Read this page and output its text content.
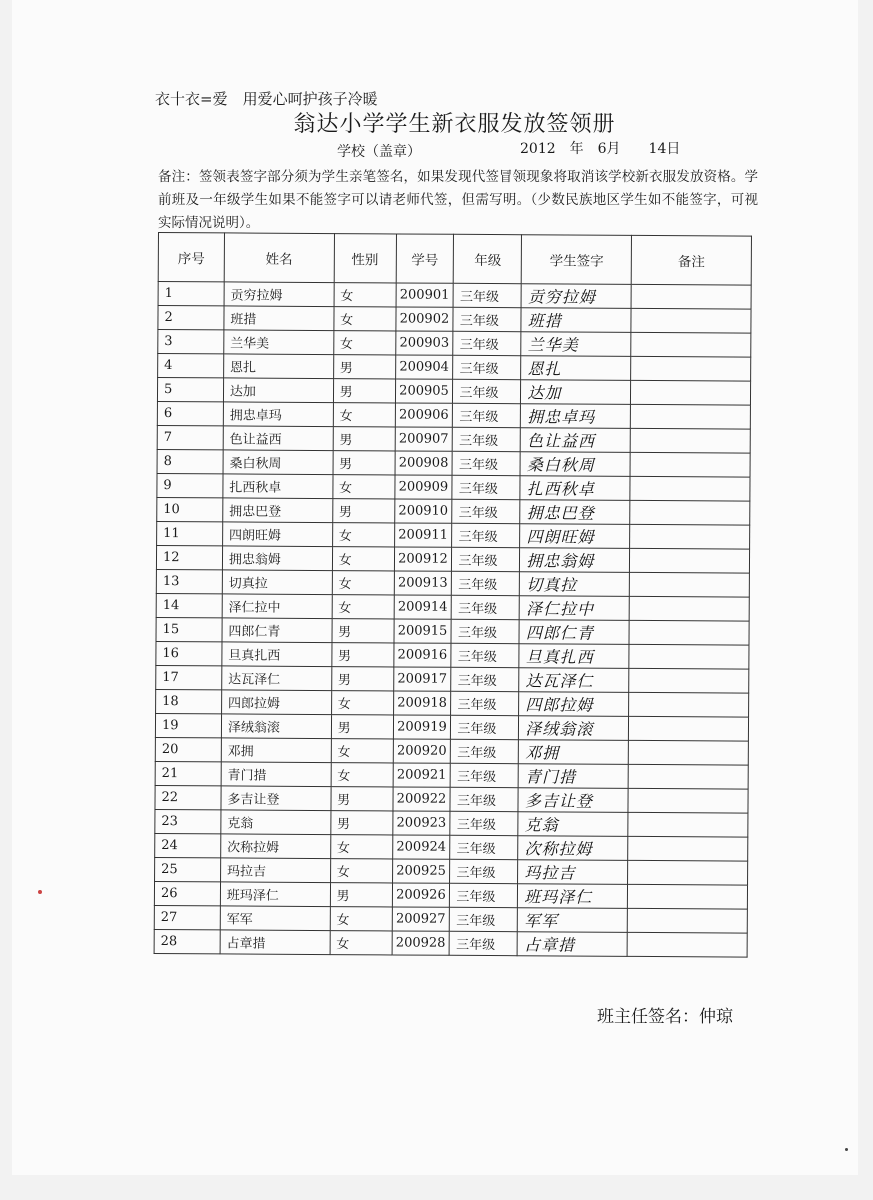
衣十衣=爱　用爱心呵护孩子冷暖
翁达小学学生新衣服发放签领册
学校（盖章）	2012　年　6月　　14日
备注：签领表签字部分须为学生亲笔签名，如果发现代签冒领现象将取消该学校新衣服发放资格。学前班及一年级学生如果不能签字可以请老师代签，但需写明。（少数民族地区学生如不能签字，可视实际情况说明）。
序号	姓名	性别	学号	年级	学生签字	备注
1	贡穷拉姆	女	200901	三年级	贡穷拉姆	
2	班措	女	200902	三年级	班措	
3	兰华美	女	200903	三年级	兰华美	
4	恩扎	男	200904	三年级	恩扎	
5	达加	男	200905	三年级	达加	
6	拥忠卓玛	女	200906	三年级	拥忠卓玛	
7	色让益西	男	200907	三年级	色让益西	
8	桑白秋周	男	200908	三年级	桑白秋周	
9	扎西秋卓	女	200909	三年级	扎西秋卓	
10	拥忠巴登	男	200910	三年级	拥忠巴登	
11	四朗旺姆	女	200911	三年级	四朗旺姆	
12	拥忠翁姆	女	200912	三年级	拥忠翁姆	
13	切真拉	女	200913	三年级	切真拉	
14	泽仁拉中	女	200914	三年级	泽仁拉中	
15	四郎仁青	男	200915	三年级	四郎仁青	
16	旦真扎西	男	200916	三年级	旦真扎西	
17	达瓦泽仁	男	200917	三年级	达瓦泽仁	
18	四郎拉姆	女	200918	三年级	四郎拉姆	
19	泽绒翁滚	男	200919	三年级	泽绒翁滚	
20	邓拥	女	200920	三年级	邓拥	
21	青门措	女	200921	三年级	青门措	
22	多吉让登	男	200922	三年级	多吉让登	
23	克翁	男	200923	三年级	克翁	
24	次称拉姆	女	200924	三年级	次称拉姆	
25	玛拉吉	女	200925	三年级	玛拉吉	
26	班玛泽仁	男	200926	三年级	班玛泽仁	
27	军军	女	200927	三年级	军军	
28	占章措	女	200928	三年级	占章措	
班主任签名：仲琼
